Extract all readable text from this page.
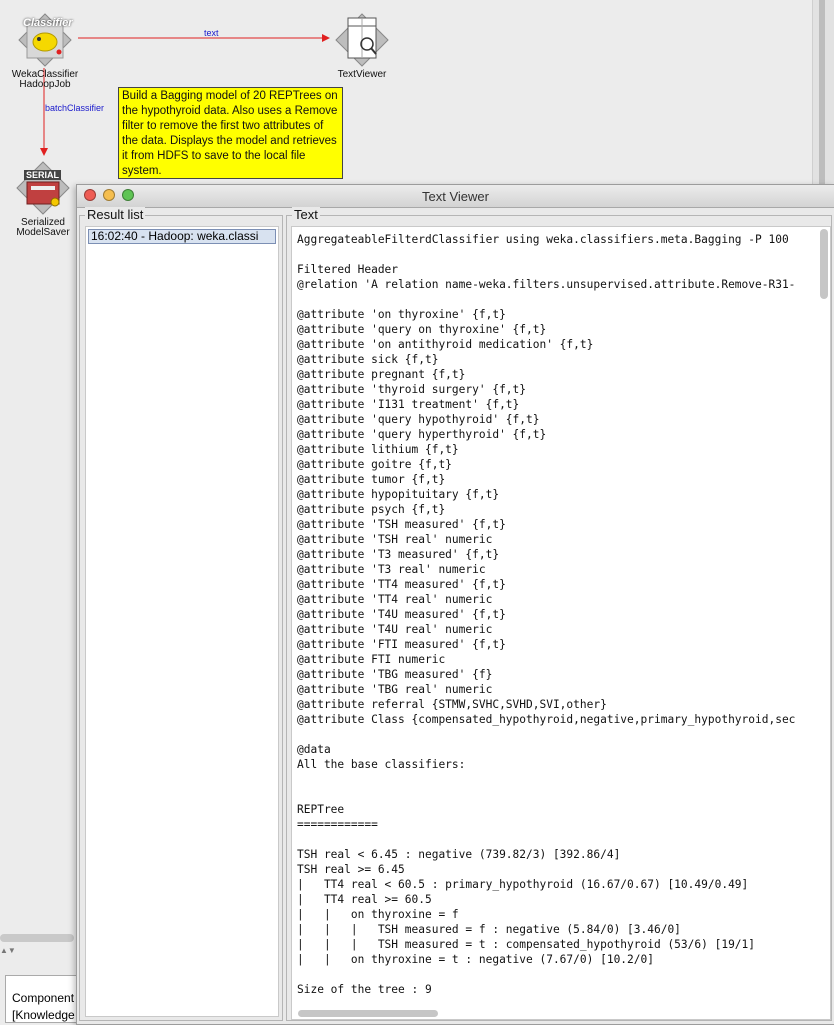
text
batchClassifier
Classifier
WekaClassifier
HadoopJob
TextViewer
SERIAL
Serialized
ModelSaver
Build a Bagging model of 20 REPTrees on the hypothyroid data. Also uses a Remove filter to remove the first two attributes of the data. Displays the model and retrieves it from HDFS to save to the local file system.
▲▼
Component
[Knowledge
Text Viewer
Result list
16:02:40 - Hadoop: weka.classi
Text
AggregateableFilterdClassifier using weka.classifiers.meta.Bagging -P 100

Filtered Header
@relation 'A relation name-weka.filters.unsupervised.attribute.Remove-R31-

@attribute 'on thyroxine' {f,t}
@attribute 'query on thyroxine' {f,t}
@attribute 'on antithyroid medication' {f,t}
@attribute sick {f,t}
@attribute pregnant {f,t}
@attribute 'thyroid surgery' {f,t}
@attribute 'I131 treatment' {f,t}
@attribute 'query hypothyroid' {f,t}
@attribute 'query hyperthyroid' {f,t}
@attribute lithium {f,t}
@attribute goitre {f,t}
@attribute tumor {f,t}
@attribute hypopituitary {f,t}
@attribute psych {f,t}
@attribute 'TSH measured' {f,t}
@attribute 'TSH real' numeric
@attribute 'T3 measured' {f,t}
@attribute 'T3 real' numeric
@attribute 'TT4 measured' {f,t}
@attribute 'TT4 real' numeric
@attribute 'T4U measured' {f,t}
@attribute 'T4U real' numeric
@attribute 'FTI measured' {f,t}
@attribute FTI numeric
@attribute 'TBG measured' {f}
@attribute 'TBG real' numeric
@attribute referral {STMW,SVHC,SVHD,SVI,other}
@attribute Class {compensated_hypothyroid,negative,primary_hypothyroid,sec

@data
All the base classifiers:

REPTree
============

TSH real < 6.45 : negative (739.82/3) [392.86/4]
TSH real >= 6.45
|   TT4 real < 60.5 : primary_hypothyroid (16.67/0.67) [10.49/0.49]
|   TT4 real >= 60.5
|   |   on thyroxine = f
|   |   |   TSH measured = f : negative (5.84/0) [3.46/0]
|   |   |   TSH measured = t : compensated_hypothyroid (53/6) [19/1]
|   |   on thyroxine = t : negative (7.67/0) [10.2/0]

Size of the tree : 9
